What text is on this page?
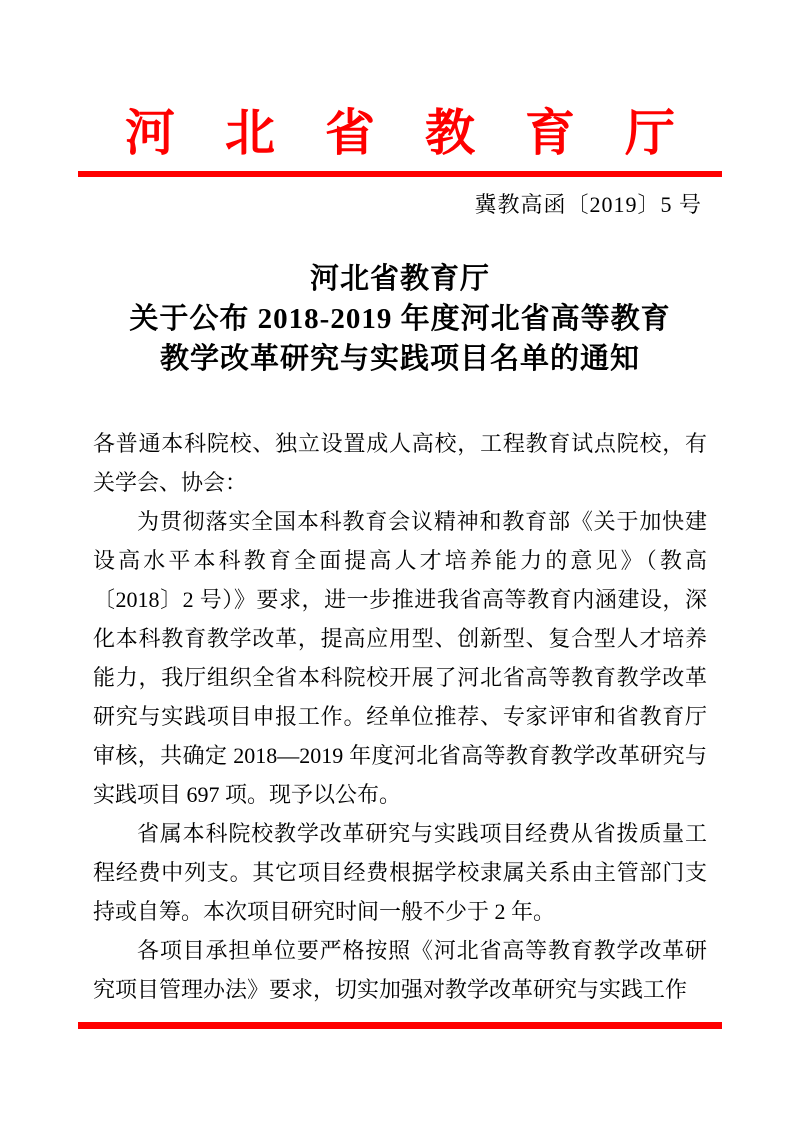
河　北　省　教　育　厅
冀教高函〔2019〕5 号
河北省教育厅
关于公布 2018-2019 年度河北省高等教育
教学改革研究与实践项目名单的通知

各普通本科院校、独立设置成人高校，工程教育试点院校，有关学会、协会：

为贯彻落实全国本科教育会议精神和教育部《关于加快建设高水平本科教育全面提高人才培养能力的意见》（教高〔2018〕2 号）》要求，进一步推进我省高等教育内涵建设，深化本科教育教学改革，提高应用型、创新型、复合型人才培养能力，我厅组织全省本科院校开展了河北省高等教育教学改革研究与实践项目申报工作。经单位推荐、专家评审和省教育厅审核，共确定 2018—2019 年度河北省高等教育教学改革研究与实践项目 697 项。现予以公布。

省属本科院校教学改革研究与实践项目经费从省拨质量工程经费中列支。其它项目经费根据学校隶属关系由主管部门支持或自筹。本次项目研究时间一般不少于 2 年。

各项目承担单位要严格按照《河北省高等教育教学改革研究项目管理办法》要求，切实加强对教学改革研究与实践工作
